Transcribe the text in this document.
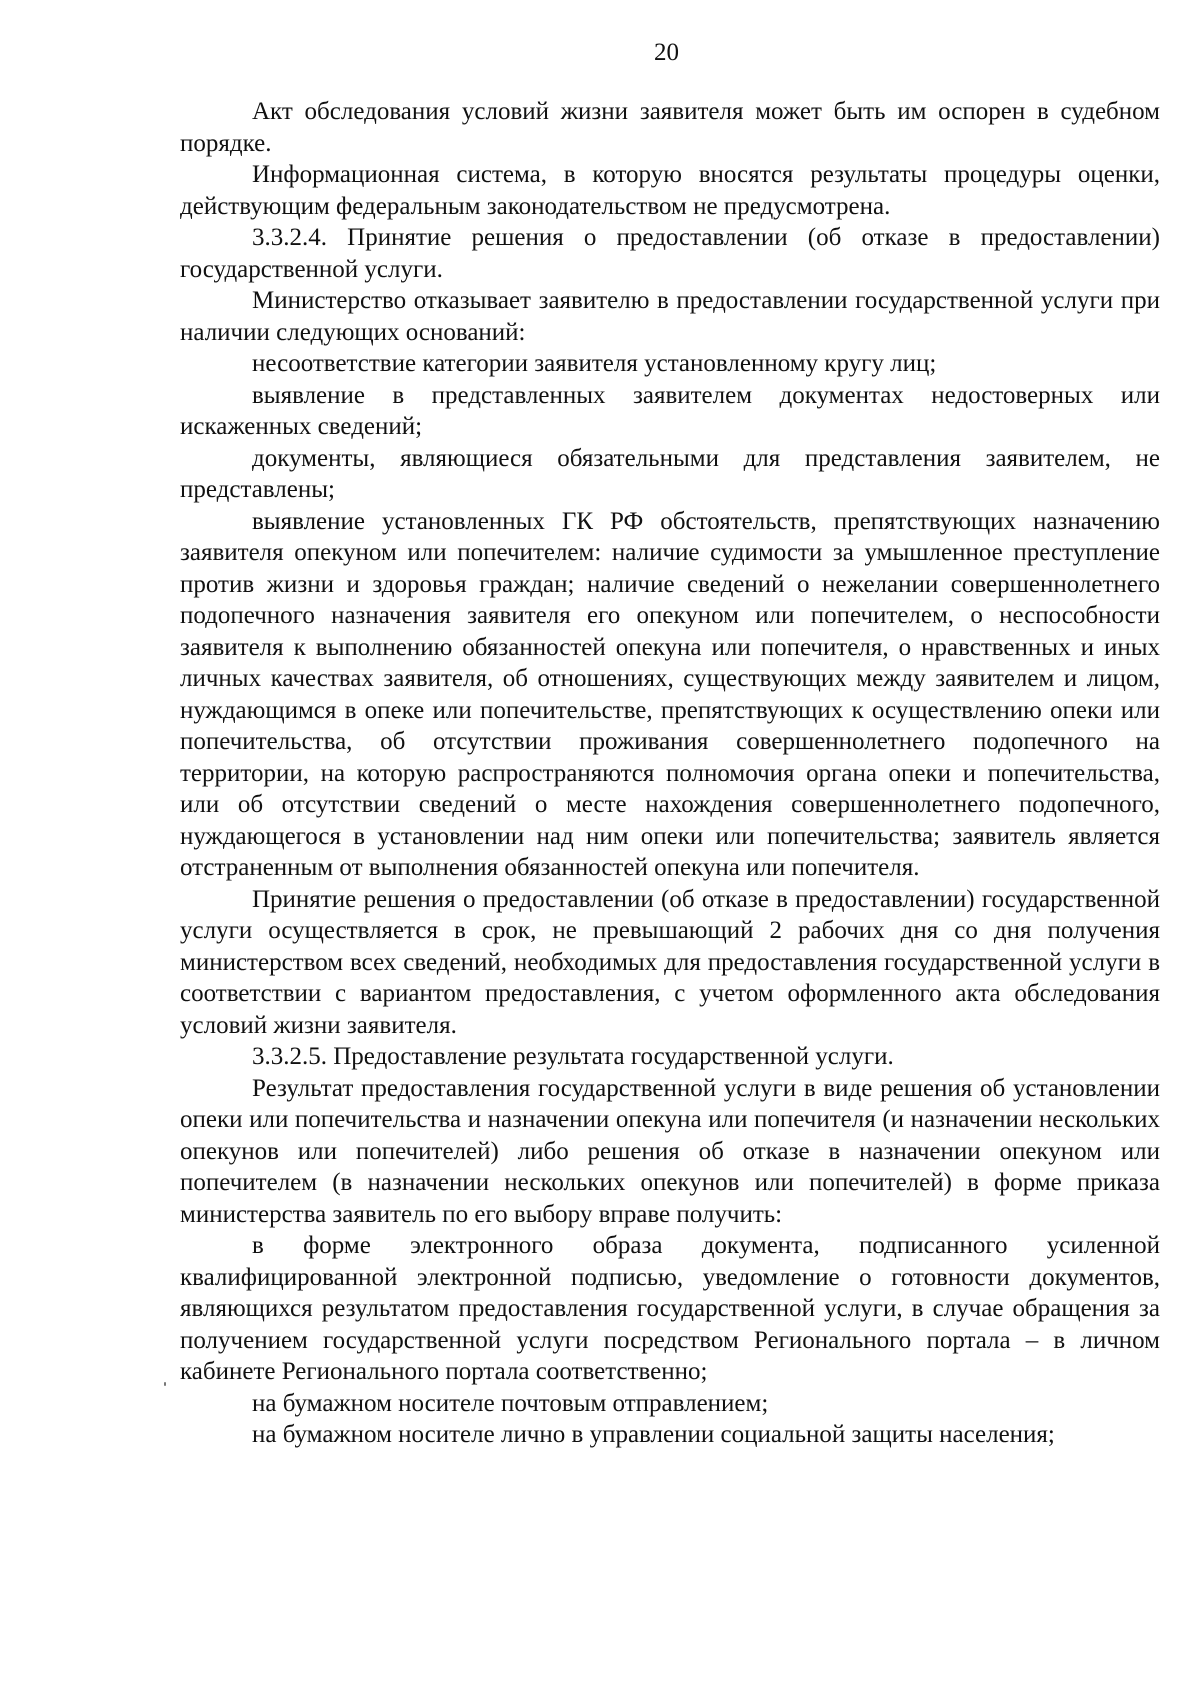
20

Акт обследования условий жизни заявителя может быть им оспорен в судебном порядке.

Информационная система, в которую вносятся результаты процедуры оценки, действующим федеральным законодательством не предусмотрена.

3.3.2.4. Принятие решения о предоставлении (об отказе в предоставлении) государственной услуги.

Министерство отказывает заявителю в предоставлении государственной услуги при наличии следующих оснований:

несоответствие категории заявителя установленному кругу лиц;

выявление в представленных заявителем документах недостоверных или искаженных сведений;

документы, являющиеся обязательными для представления заявителем, не представлены;

выявление установленных ГК РФ обстоятельств, препятствующих назначению заявителя опекуном или попечителем: наличие судимости за умышленное преступление против жизни и здоровья граждан; наличие сведений о нежелании совершеннолетнего подопечного назначения заявителя его опекуном или попечителем, о неспособности заявителя к выполнению обязанностей опекуна или попечителя, о нравственных и иных личных качествах заявителя, об отношениях, существующих между заявителем и лицом, нуждающимся в опеке или попечительстве, препятствующих к осуществлению опеки или попечительства, об отсутствии проживания совершеннолетнего подопечного на территории, на которую распространяются полномочия органа опеки и попечительства, или об отсутствии сведений о месте нахождения совершеннолетнего подопечного, нуждающегося в установлении над ним опеки или попечительства; заявитель является отстраненным от выполнения обязанностей опекуна или попечителя.

Принятие решения о предоставлении (об отказе в предоставлении) государственной услуги осуществляется в срок, не превышающий 2 рабочих дня со дня получения министерством всех сведений, необходимых для предоставления государственной услуги в соответствии с вариантом предоставления, с учетом оформленного акта обследования условий жизни заявителя.

3.3.2.5. Предоставление результата государственной услуги.

Результат предоставления государственной услуги в виде решения об установлении опеки или попечительства и назначении опекуна или попечителя (и назначении нескольких опекунов или попечителей) либо решения об отказе в назначении опекуном или попечителем (в назначении нескольких опекунов или попечителей) в форме приказа министерства заявитель по его выбору вправе получить:

в форме электронного образа документа, подписанного усиленной квалифицированной электронной подписью, уведомление о готовности документов, являющихся результатом предоставления государственной услуги, в случае обращения за получением государственной услуги посредством Регионального портала – в личном кабинете Регионального портала соответственно;

на бумажном носителе почтовым отправлением;

на бумажном носителе лично в управлении социальной защиты населения;
